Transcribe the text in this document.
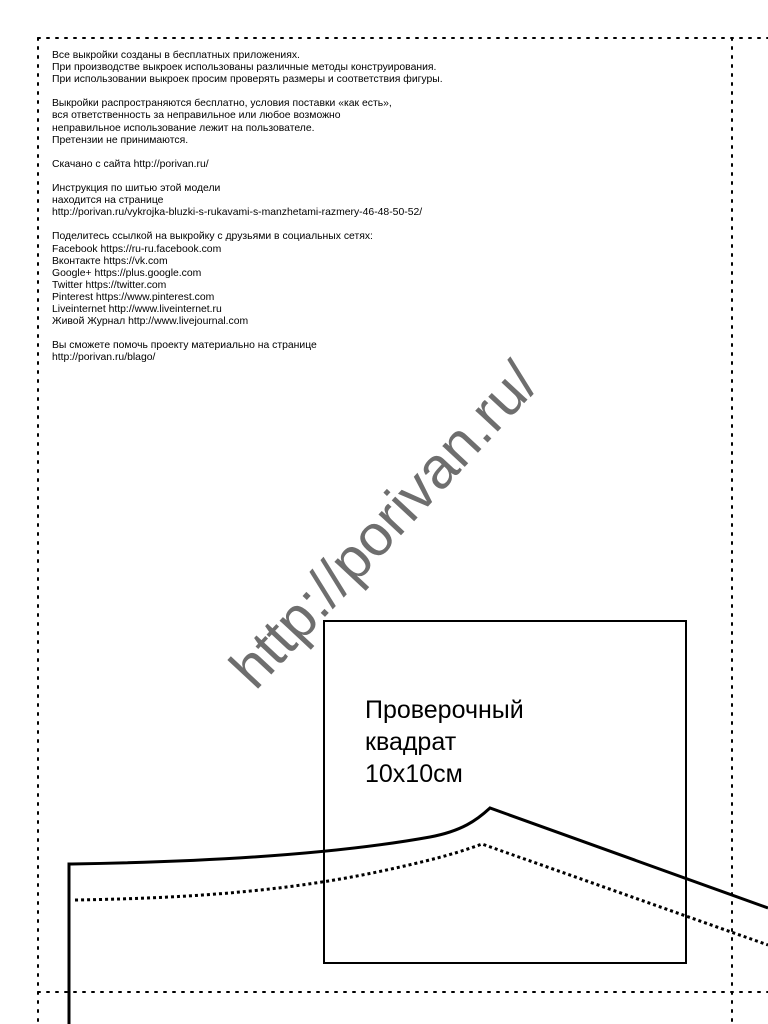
Все выкройки созданы в бесплатных приложениях.
При производстве выкроек использованы различные методы конструирования.
При использовании выкроек просим проверять размеры и соответствия фигуры.

Выкройки распространяются бесплатно, условия поставки «как есть»,
вся ответственность за неправильное или любое возможно
неправильное использование лежит на пользователе.
Претензии не принимаются.

Скачано с сайта http://porivan.ru/

Инструкция по шитью этой модели
находится на странице
http://porivan.ru/vykrojka-bluzki-s-rukavami-s-manzhetami-razmery-46-48-50-52/

Поделитесь ссылкой на выкройку с друзьями в социальных сетях:
Facebook https://ru-ru.facebook.com
Вконтакте https://vk.com
Google+ https://plus.google.com
Twitter https://twitter.com
Pinterest https://www.pinterest.com
Liveinternet http://www.liveinternet.ru
Живой Журнал http://www.livejournal.com

Вы сможете помочь проекту материально на странице
http://porivan.ru/blago/	http://porivan.ru/
Проверочный
квадрат
10х10см
